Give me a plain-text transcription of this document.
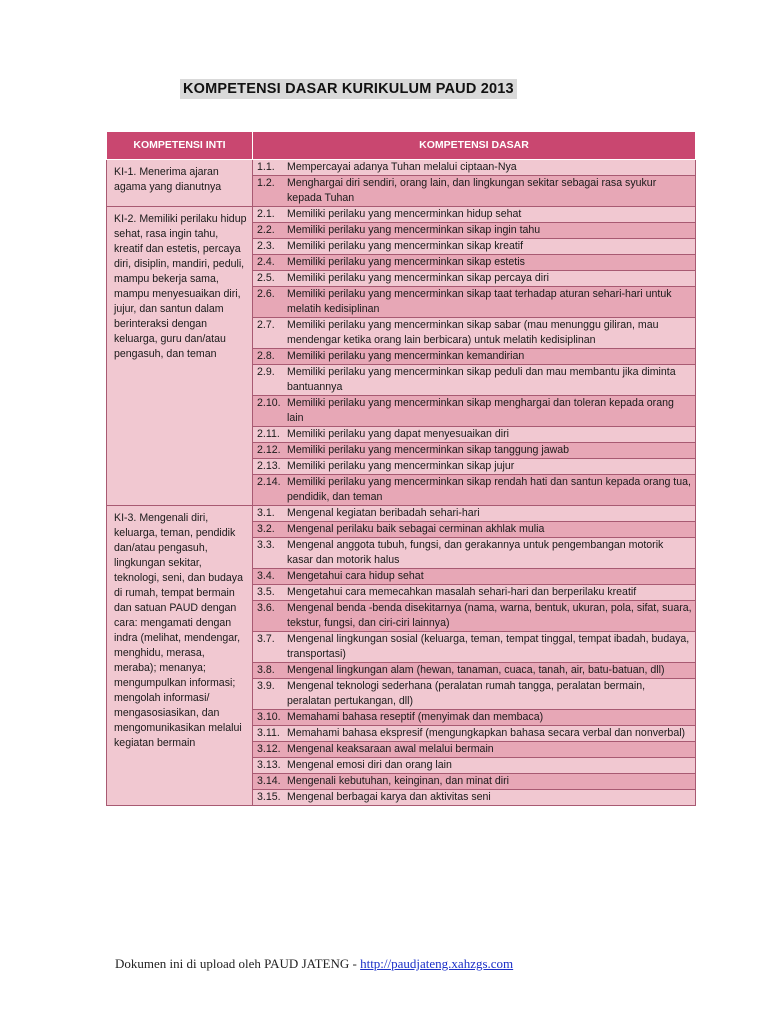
KOMPETENSI DASAR KURIKULUM PAUD 2013
KOMPETENSI INTI	KOMPETENSI DASAR
KI-1. Menerima ajaran agama yang dianutnya	1.1. Mempercayai adanya Tuhan melalui ciptaan-Nya

	1.2. Menghargai diri sendiri, orang lain, dan lingkungan sekitar sebagai rasa syukur kepada Tuhan

KI-2. Memiliki perilaku hidup sehat, rasa ingin tahu, kreatif dan estetis, percaya diri, disiplin, mandiri, peduli, mampu bekerja sama, mampu menyesuaikan diri, jujur, dan santun dalam berinteraksi dengan keluarga, guru dan/atau pengasuh, dan teman	2.1. Memiliki perilaku yang mencerminkan hidup sehat

	2.2. Memiliki perilaku yang mencerminkan sikap ingin tahu

	2.3. Memiliki perilaku yang mencerminkan sikap kreatif

	2.4. Memiliki perilaku yang mencerminkan sikap estetis

	2.5. Memiliki perilaku yang mencerminkan sikap percaya diri

	2.6. Memiliki perilaku yang mencerminkan sikap taat terhadap aturan sehari-hari untuk melatih kedisiplinan

	2.7. Memiliki perilaku yang mencerminkan sikap sabar (mau menunggu giliran, mau mendengar ketika orang lain berbicara) untuk melatih kedisiplinan

	2.8. Memiliki perilaku yang mencerminkan kemandirian

	2.9. Memiliki perilaku yang mencerminkan sikap peduli dan mau membantu jika diminta bantuannya

	2.10. Memiliki perilaku yang mencerminkan sikap menghargai dan toleran kepada orang lain

	2.11. Memiliki perilaku yang dapat menyesuaikan diri

	2.12. Memiliki perilaku yang mencerminkan sikap tanggung jawab

	2.13. Memiliki perilaku yang mencerminkan sikap jujur

	2.14. Memiliki perilaku yang mencerminkan sikap rendah hati dan santun kepada orang tua, pendidik, dan teman

KI-3. Mengenali diri, keluarga, teman, pendidik dan/atau pengasuh, lingkungan sekitar, teknologi, seni, dan budaya di rumah, tempat bermain dan satuan PAUD dengan cara: mengamati dengan indra (melihat, mendengar, menghidu, merasa, meraba); menanya; mengumpulkan informasi; mengolah informasi/ mengasosiasikan, dan mengomunikasikan melalui kegiatan bermain	3.1. Mengenal kegiatan beribadah sehari-hari

	3.2. Mengenal perilaku baik sebagai cerminan akhlak mulia

	3.3. Mengenal anggota tubuh, fungsi, dan gerakannya untuk pengembangan motorik kasar dan motorik halus

	3.4. Mengetahui cara hidup sehat

	3.5. Mengetahui cara memecahkan masalah sehari-hari dan berperilaku kreatif

	3.6. Mengenal benda -benda disekitarnya (nama, warna, bentuk, ukuran, pola, sifat, suara, tekstur, fungsi, dan ciri-ciri lainnya)

	3.7. Mengenal lingkungan sosial (keluarga, teman, tempat tinggal, tempat ibadah, budaya, transportasi)

	3.8. Mengenal lingkungan alam (hewan, tanaman, cuaca, tanah, air, batu-batuan, dll)

	3.9. Mengenal teknologi sederhana (peralatan rumah tangga, peralatan bermain, peralatan pertukangan, dll)

	3.10. Memahami bahasa reseptif (menyimak dan membaca)

	3.11. Memahami bahasa ekspresif (mengungkapkan bahasa secara verbal dan nonverbal)

	3.12. Mengenal keaksaraan awal melalui bermain

	3.13. Mengenal emosi diri dan orang lain

	3.14. Mengenali kebutuhan, keinginan, dan minat diri

	3.15. Mengenal berbagai karya dan aktivitas seni
Dokumen ini di upload oleh PAUD JATENG - http://paudjateng.xahzgs.com
